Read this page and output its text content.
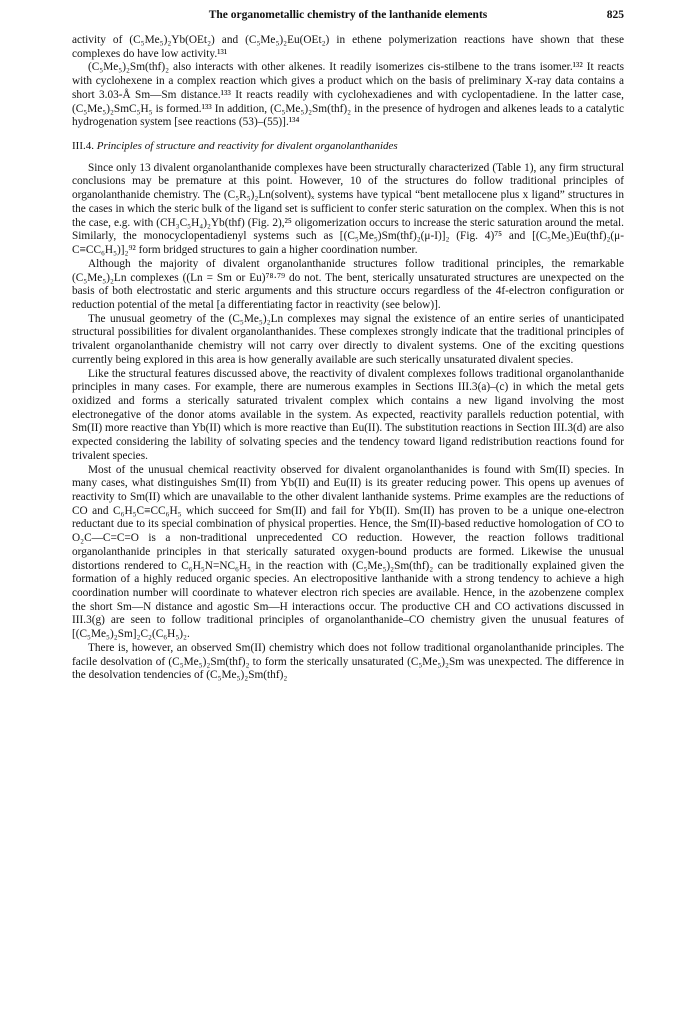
The organometallic chemistry of the lanthanide elements	825

activity of (C₅Me₅)₂Yb(OEt₂) and (C₅Me₅)₂Eu(OEt₂) in ethene polymerization reactions have shown that these complexes do have low activity.¹³¹

(C₅Me₅)₂Sm(thf)₂ also interacts with other alkenes. It readily isomerizes cis-stilbene to the trans isomer.¹³² It reacts with cyclohexene in a complex reaction which gives a product which on the basis of preliminary X-ray data contains a short 3.03-Å Sm—Sm distance.¹³³ It reacts readily with cyclohexadienes and with cyclopentadiene. In the latter case, (C₅Me₅)₂SmC₅H₅ is formed.¹³³ In addition, (C₅Me₅)₂Sm(thf)₂ in the presence of hydrogen and alkenes leads to a catalytic hydrogenation system [see reactions (53)–(55)].¹³⁴

III.4. Principles of structure and reactivity for divalent organolanthanides

Since only 13 divalent organolanthanide complexes have been structurally characterized (Table 1), any firm structural conclusions may be premature at this point. However, 10 of the structures do follow traditional principles of organolanthanide chemistry. The (C₅R₅)₂Ln(solvent)ₓ systems have typical “bent metallocene plus x ligand” structures in the cases in which the steric bulk of the ligand set is sufficient to confer steric saturation on the complex. When this is not the case, e.g. with (CH₃C₅H₄)₂Yb(thf) (Fig. 2),²⁵ oligomerization occurs to increase the steric saturation around the metal. Similarly, the monocyclopentadienyl systems such as [(C₅Me₅)Sm(thf)₂(μ-I)]₂ (Fig. 4)⁷⁵ and [(C₅Me₅)Eu(thf)₂(μ-C≡CC₆H₅)]₂⁹² form bridged structures to gain a higher coordination number.

Although the majority of divalent organolanthanide structures follow traditional principles, the remarkable (C₅Me₅)₂Ln complexes ((Ln = Sm or Eu)⁷⁸·⁷⁹ do not. The bent, sterically unsaturated structures are unexpected on the basis of both electrostatic and steric arguments and this structure occurs regardless of the 4f-electron configuration or reduction potential of the metal [a differentiating factor in reactivity (see below)].

The unusual geometry of the (C₅Me₅)₂Ln complexes may signal the existence of an entire series of unanticipated structural possibilities for divalent organolanthanides. These complexes strongly indicate that the traditional principles of trivalent organolanthanide chemistry will not carry over directly to divalent systems. One of the exciting questions currently being explored in this area is how generally available are such sterically unsaturated divalent species.

Like the structural features discussed above, the reactivity of divalent complexes follows traditional organolanthanide principles in many cases. For example, there are numerous examples in Sections III.3(a)–(c) in which the metal gets oxidized and forms a sterically saturated trivalent complex which contains a new ligand involving the most electronegative of the donor atoms available in the system. As expected, reactivity parallels reduction potential, with Sm(II) more reactive than Yb(II) which is more reactive than Eu(II). The substitution reactions in Section III.3(d) are also expected considering the lability of solvating species and the tendency toward ligand redistribution reactions found for trivalent species.

Most of the unusual chemical reactivity observed for divalent organolanthanides is found with Sm(II) species. In many cases, what distinguishes Sm(II) from Yb(II) and Eu(II) is its greater reducing power. This opens up avenues of reactivity to Sm(II) which are unavailable to the other divalent lanthanide systems. Prime examples are the reductions of CO and C₆H₅C≡CC₆H₅ which succeed for Sm(II) and fail for Yb(II). Sm(II) has proven to be a unique one-electron reductant due to its special combination of physical properties. Hence, the Sm(II)-based reductive homologation of CO to O₂C—C=C=O is a non-traditional unprecedented CO reduction. However, the reaction follows traditional organolanthanide principles in that sterically saturated oxygen-bound products are formed. Likewise the unusual distortions rendered to C₆H₅N=NC₆H₅ in the reaction with (C₅Me₅)₂Sm(thf)₂ can be traditionally explained given the formation of a highly reduced organic species. An electropositive lanthanide with a strong tendency to achieve a high coordination number will coordinate to whatever electron rich species are available. Hence, in the azobenzene complex the short Sm—N distance and agostic Sm—H interactions occur. The productive CH and CO activations discussed in III.3(g) are seen to follow traditional principles of organolanthanide–CO chemistry given the unusual features of [(C₅Me₅)₂Sm]₂C₂(C₆H₅)₂.

There is, however, an observed Sm(II) chemistry which does not follow traditional organolanthanide principles. The facile desolvation of (C₅Me₅)₂Sm(thf)₂ to form the sterically unsaturated (C₅Me₅)₂Sm was unexpected. The difference in the desolvation tendencies of (C₅Me₅)₂Sm(thf)₂
